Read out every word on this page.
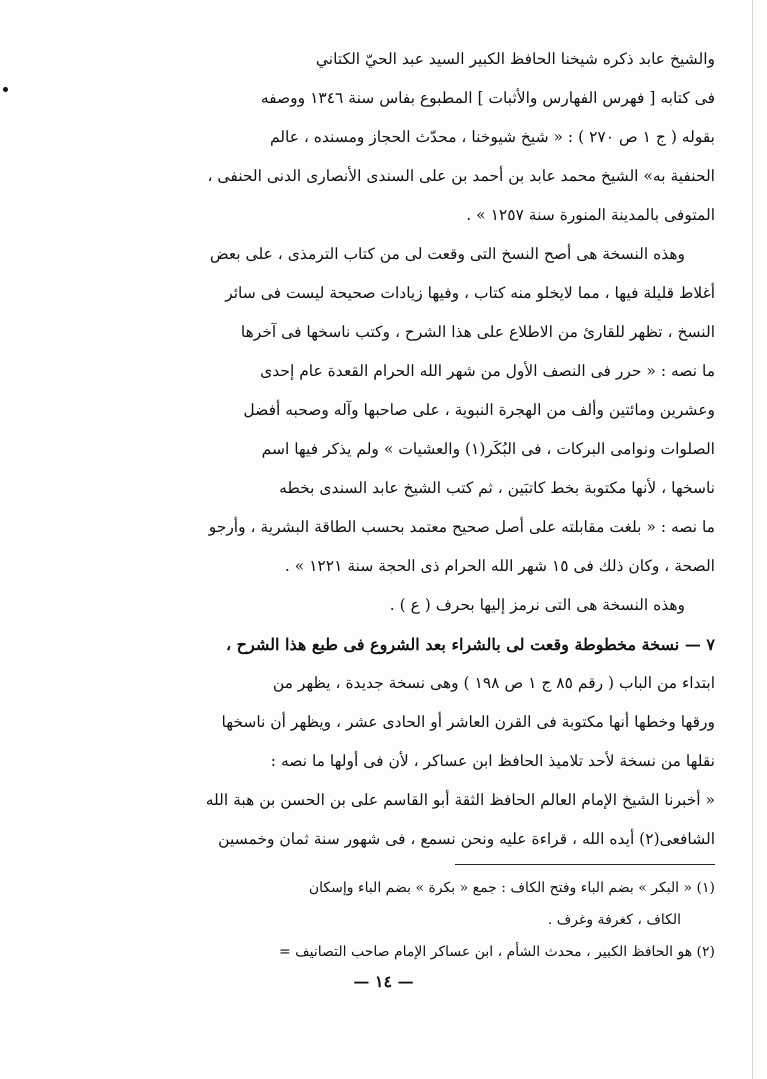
والشيخ عابد ذكره شيخنا الحافظ الكبير السيد عبد الحيّ الكتاني
فى كتابه [ فهرس الفهارس والأثبات ] المطبوع بفاس سنة ١٣٤٦ ووصفه
بقوله ( ج ١ ص ٢٧٠ ) : « شيخ شيوخنا ، محدّث الحجاز ومسنده ، عالم
الحنفية به» الشيخ محمد عابد بن أحمد بن على السندى الأنصارى الدنى الحنفى ،
المتوفى بالمدينة المنورة سنة ١٢٥٧ » .
وهذه النسخة هى أصح النسخ التى وقعت لى من كتاب الترمذى ، على بعض
أغلاط قليلة فيها ، مما لايخلو منه كتاب ، وفيها زيادات صحيحة ليست فى سائر
النسخ ، تظهر للقارئ من الاطلاع على هذا الشرح ، وكتب ناسخها فى آخرها
ما نصه : « حرر فى النصف الأول من شهر الله الحرام القعدة عام إحدى
وعشرين ومائتين وألف من الهجرة النبوية ، على صاحبها وآله وصحبه أفضل
الصلوات ونوامى البركات ، فى البُكَر(١) والعشيات » ولم يذكر فيها اسم
ناسخها ، لأنها مكتوبة بخط كاتبَين ، ثم كتب الشيخ عابد السندى بخطه
ما نصه : « بلغت مقابلته على أصل صحيح معتمد بحسب الطاقة البشرية ، وأرجو
الصحة ، وكان ذلك فى ١٥ شهر الله الحرام ذى الحجة سنة ١٢٢١ » .
وهذه النسخة هى التى نرمز إليها بحرف ( ع ) .
٧ — نسخة مخطوطة وقعت لى بالشراء بعد الشروع فى طبع هذا الشرح ،
ابتداء من الباب ( رقم ٨٥ ج ١ ص ١٩٨ ) وهى نسخة جديدة ، يظهر من
ورقها وخطها أنها مكتوبة فى القرن العاشر أو الحادى عشر ، ويظهر أن ناسخها
نقلها من نسخة لأحد تلاميذ الحافظ ابن عساكر ، لأن فى أولها ما نصه :
« أخبرنا الشيخ الإمام العالم الحافظ الثقة أبو القاسم على بن الحسن بن هبة الله
الشافعى(٢) أيده الله ، قراءة عليه ونحن نسمع ، فى شهور سنة ثمان وخمسين
(١) « البكر » بضم الباء وفتح الكاف : جمع « بكرة » بضم الباء وإسكان
الكاف ، كغرفة وغرف .
(٢) هو الحافظ الكبير ، محدث الشأم ، ابن عساكر الإمام صاحب التصانيف =
— ١٤ —
